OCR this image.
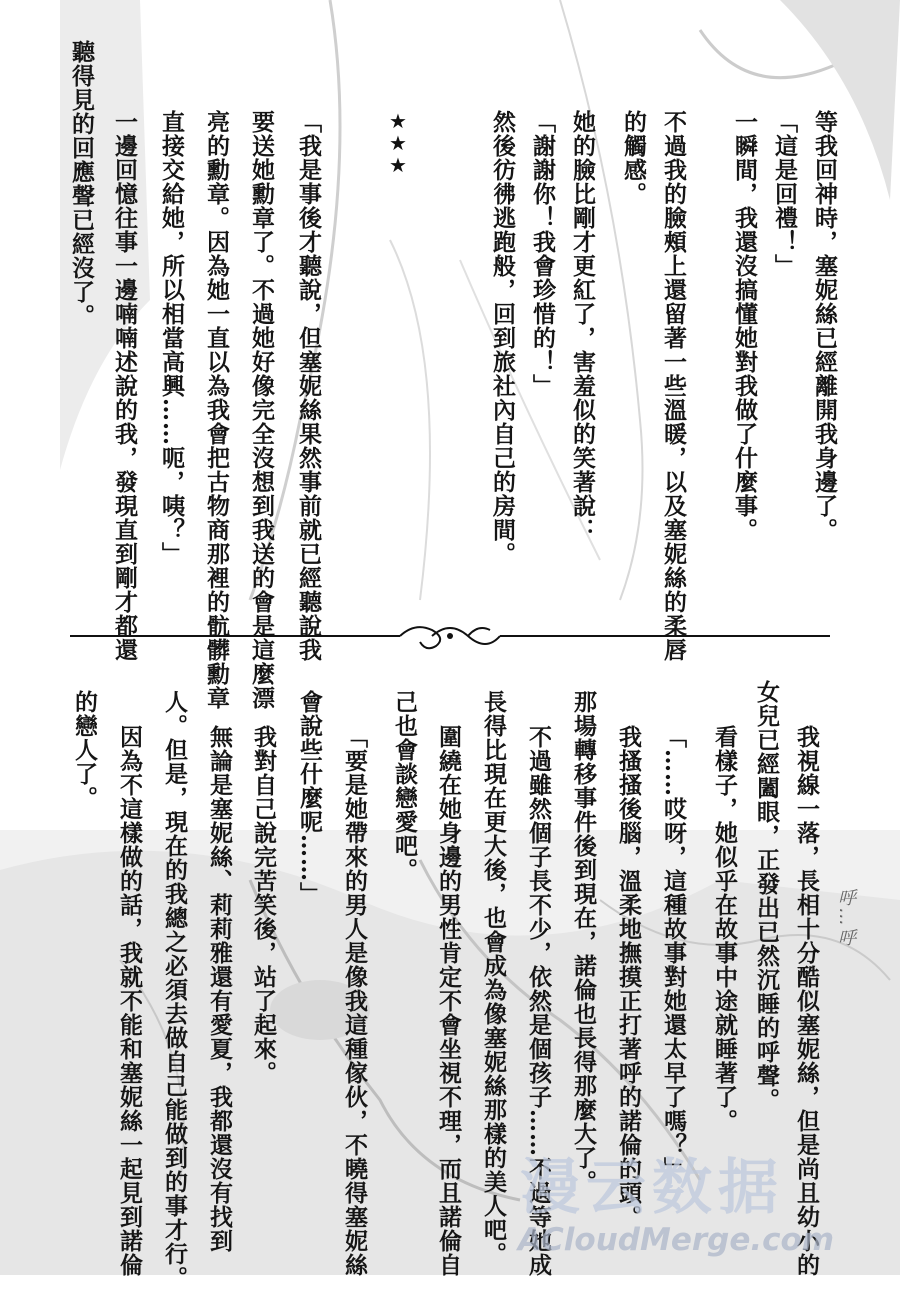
等我回神時，塞妮絲已經離開我身邊了。
「這是回禮！」
一瞬間，我還沒搞懂她對我做了什麼事。
不過我的臉頰上還留著一些溫暖，以及塞妮絲的柔唇
的觸感。
她的臉比剛才更紅了，害羞似的笑著說：
「謝謝你！我會珍惜的！」
然後彷彿逃跑般，回到旅社內自己的房間。
★
★
★
「我是事後才聽說，但塞妮絲果然事前就已經聽說我
要送她勳章了。不過她好像完全沒想到我送的會是這麼漂
亮的勳章。因為她一直以為我會把古物商那裡的骯髒勳章
直接交給她，所以相當高興……呃，咦？」
一邊回憶往事一邊喃喃述說的我，發現直到剛才都還
聽得見的回應聲已經沒了。
我視線一落，長相十分酷似塞妮絲，但是尚且幼小的
女兒已經闔眼，正發出已然沉睡的呼聲。
看樣子，她似乎在故事中途就睡著了。
「……哎呀，這種故事對她還太早了嗎？」
我搔搔後腦，溫柔地撫摸正打著呼的諾倫的頭。
那場轉移事件後到現在，諾倫也長得那麼大了。
不過雖然個子長不少，依然是個孩子……不過等她成
長得比現在更大後，也會成為像塞妮絲那樣的美人吧。
圍繞在她身邊的男性肯定不會坐視不理，而且諾倫自
己也會談戀愛吧。
「要是她帶來的男人是像我這種傢伙，不曉得塞妮絲
會說些什麼呢……」
我對自己說完苦笑後，站了起來。
無論是塞妮絲、莉莉雅還有愛夏，我都還沒有找到
人。但是，現在的我總之必須去做自己能做到的事才行。
因為不這樣做的話，我就不能和塞妮絲一起見到諾倫
的戀人了。
呼…呼
漫云数据
ACloudMerge.com
